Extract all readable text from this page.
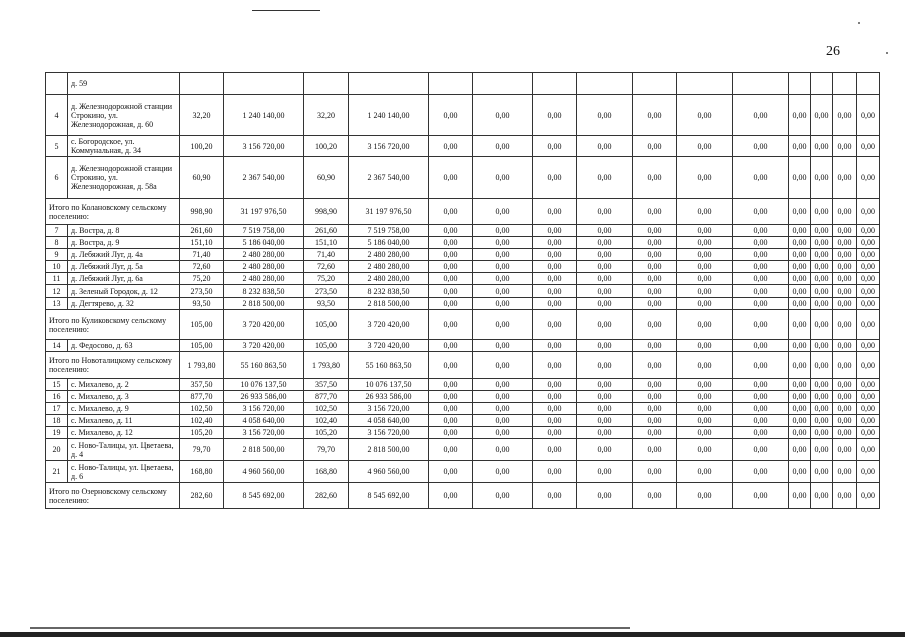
26
	д. 59															
4	д. Железнодорожной станции Строкино, ул. Железнодорожная, д. 60	32,20	1 240 140,00	32,20	1 240 140,00	0,00	0,00	0,00	0,00	0,00	0,00	0,00	0,00	0,00	0,00	0,00
5	с. Богородское, ул. Коммунальная, д. 34	100,20	3 156 720,00	100,20	3 156 720,00	0,00	0,00	0,00	0,00	0,00	0,00	0,00	0,00	0,00	0,00	0,00
6	д. Железнодорожной станции Строкино, ул. Железнодорожная, д. 58а	60,90	2 367 540,00	60,90	2 367 540,00	0,00	0,00	0,00	0,00	0,00	0,00	0,00	0,00	0,00	0,00	0,00
Итого по Колановскому сельскому поселению:		998,90	31 197 976,50	998,90	31 197 976,50	0,00	0,00	0,00	0,00	0,00	0,00	0,00	0,00	0,00	0,00	0,00
7	д. Востра, д. 8	261,60	7 519 758,00	261,60	7 519 758,00	0,00	0,00	0,00	0,00	0,00	0,00	0,00	0,00	0,00	0,00	0,00
8	д. Востра, д. 9	151,10	5 186 040,00	151,10	5 186 040,00	0,00	0,00	0,00	0,00	0,00	0,00	0,00	0,00	0,00	0,00	0,00
9	д. Лебяжий Луг, д. 4а	71,40	2 480 280,00	71,40	2 480 280,00	0,00	0,00	0,00	0,00	0,00	0,00	0,00	0,00	0,00	0,00	0,00
10	д. Лебяжий Луг, д. 5а	72,60	2 480 280,00	72,60	2 480 280,00	0,00	0,00	0,00	0,00	0,00	0,00	0,00	0,00	0,00	0,00	0,00
11	д. Лебяжий Луг, д. 6а	75,20	2 480 280,00	75,20	2 480 280,00	0,00	0,00	0,00	0,00	0,00	0,00	0,00	0,00	0,00	0,00	0,00
12	д. Зеленый Городок, д. 12	273,50	8 232 838,50	273,50	8 232 838,50	0,00	0,00	0,00	0,00	0,00	0,00	0,00	0,00	0,00	0,00	0,00
13	д. Дегтярево, д. 32	93,50	2 818 500,00	93,50	2 818 500,00	0,00	0,00	0,00	0,00	0,00	0,00	0,00	0,00	0,00	0,00	0,00
Итого по Куликовскому сельскому поселению:		105,00	3 720 420,00	105,00	3 720 420,00	0,00	0,00	0,00	0,00	0,00	0,00	0,00	0,00	0,00	0,00	0,00
14	д. Федосово, д. 63	105,00	3 720 420,00	105,00	3 720 420,00	0,00	0,00	0,00	0,00	0,00	0,00	0,00	0,00	0,00	0,00	0,00
Итого по Новоталицкому сельскому поселению:		1 793,80	55 160 863,50	1 793,80	55 160 863,50	0,00	0,00	0,00	0,00	0,00	0,00	0,00	0,00	0,00	0,00	0,00
15	с. Михалево, д. 2	357,50	10 076 137,50	357,50	10 076 137,50	0,00	0,00	0,00	0,00	0,00	0,00	0,00	0,00	0,00	0,00	0,00
16	с. Михалево, д. 3	877,70	26 933 586,00	877,70	26 933 586,00	0,00	0,00	0,00	0,00	0,00	0,00	0,00	0,00	0,00	0,00	0,00
17	с. Михалево, д. 9	102,50	3 156 720,00	102,50	3 156 720,00	0,00	0,00	0,00	0,00	0,00	0,00	0,00	0,00	0,00	0,00	0,00
18	с. Михалево, д. 11	102,40	4 058 640,00	102,40	4 058 640,00	0,00	0,00	0,00	0,00	0,00	0,00	0,00	0,00	0,00	0,00	0,00
19	с. Михалево, д. 12	105,20	3 156 720,00	105,20	3 156 720,00	0,00	0,00	0,00	0,00	0,00	0,00	0,00	0,00	0,00	0,00	0,00
20	с. Ново-Талицы, ул. Цветаева, д. 4	79,70	2 818 500,00	79,70	2 818 500,00	0,00	0,00	0,00	0,00	0,00	0,00	0,00	0,00	0,00	0,00	0,00
21	с. Ново-Талицы, ул. Цветаева, д. 6	168,80	4 960 560,00	168,80	4 960 560,00	0,00	0,00	0,00	0,00	0,00	0,00	0,00	0,00	0,00	0,00	0,00
Итого по Озерновскому сельскому поселению:		282,60	8 545 692,00	282,60	8 545 692,00	0,00	0,00	0,00	0,00	0,00	0,00	0,00	0,00	0,00	0,00	0,00
